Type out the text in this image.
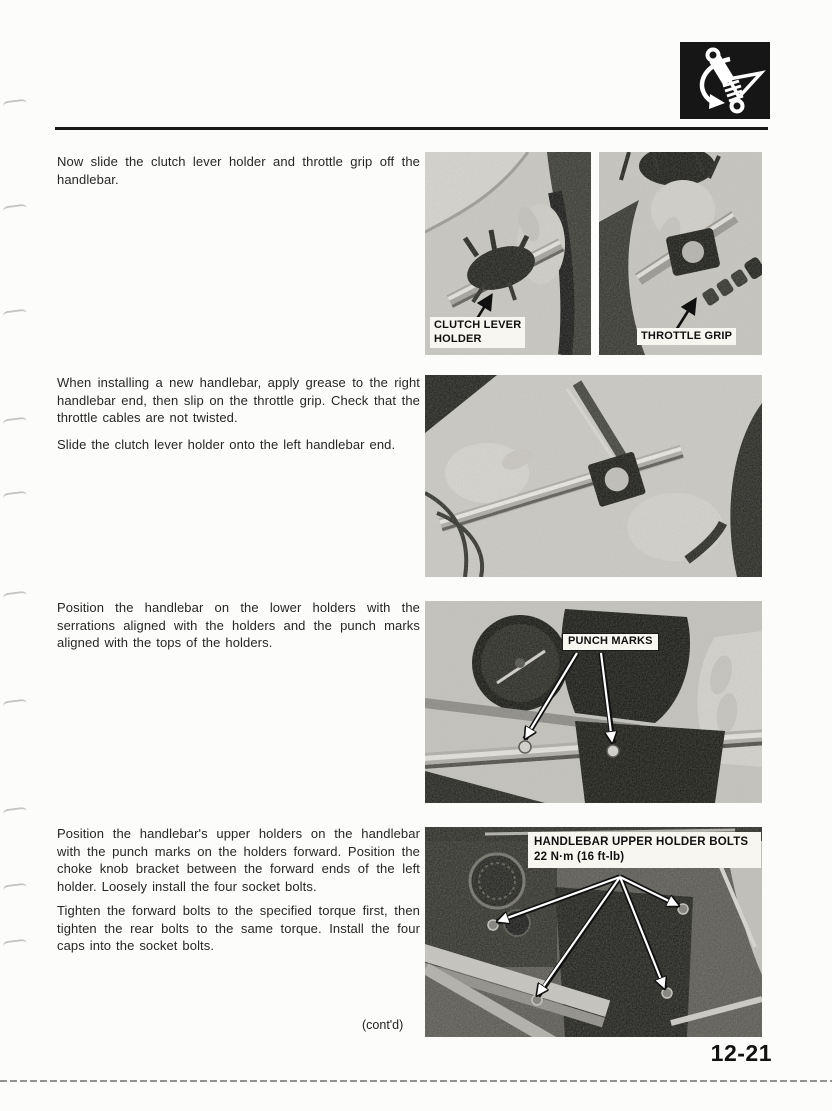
Now slide the clutch lever holder and throttle grip off the handlebar.

When installing a new handlebar, apply grease to the right handlebar end, then slip on the throttle grip. Check that the throttle cables are not twisted.

Slide the clutch lever holder onto the left handlebar end.

Position the handlebar on the lower holders with the serrations aligned with the holders and the punch marks aligned with the tops of the holders.

Position the handlebar's upper holders on the handlebar with the punch marks on the holders forward. Position the choke knob bracket between the forward ends of the left holder. Loosely install the four socket bolts.

Tighten the forward bolts to the specified torque first, then tighten the rear bolts to the same torque. Install the four caps into the socket bolts.

CLUTCH LEVER
HOLDER	THROTTLE GRIP
PUNCH MARKS
HANDLEBAR UPPER HOLDER BOLTS
22 N·m (16 ft-lb)
(cont'd)
12-21
